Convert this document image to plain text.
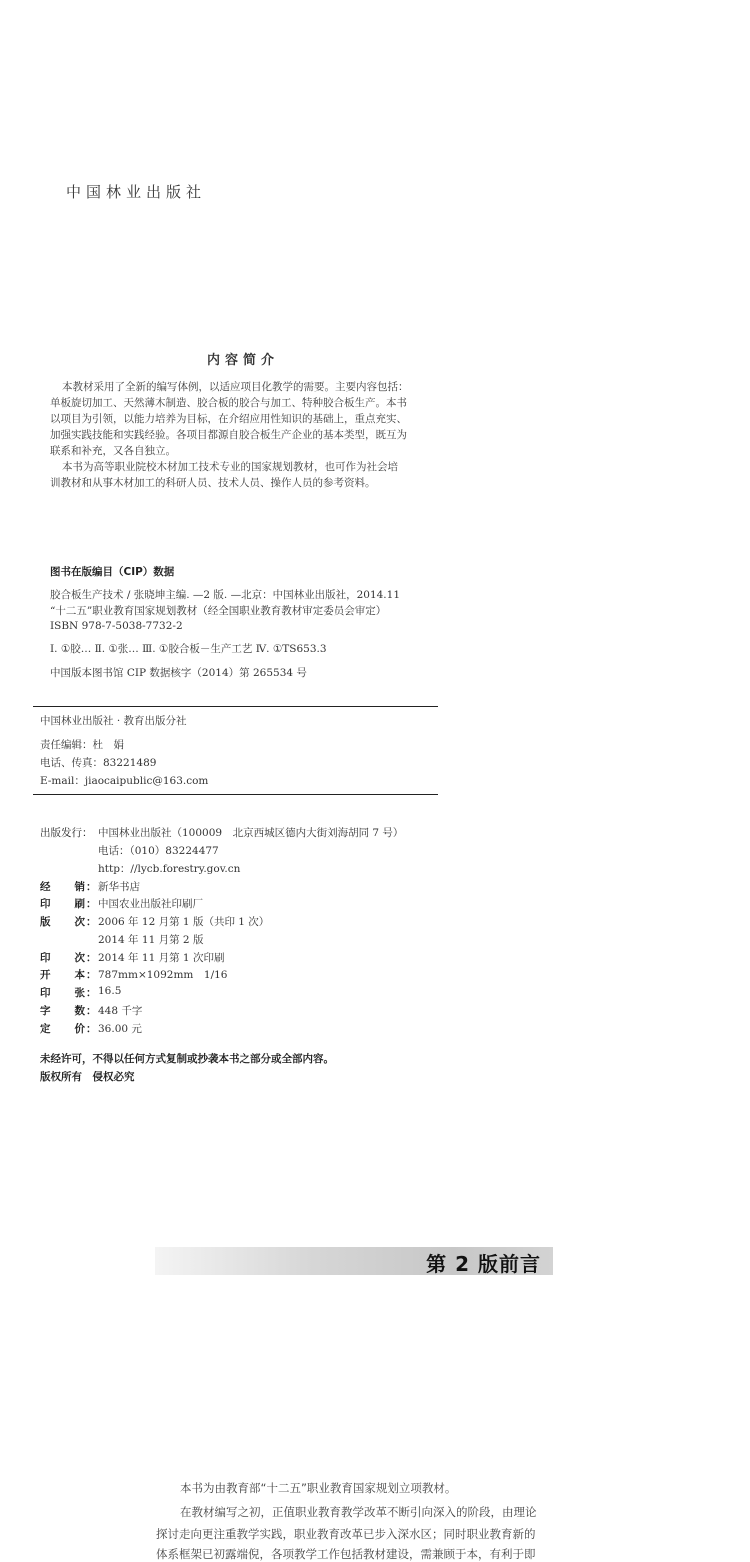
中国林业出版社
内容简介
本教材采用了全新的编写体例，以适应项目化教学的需要。主要内容包括：
单板旋切加工、天然薄木制造、胶合板的胶合与加工、特种胶合板生产。本书
以项目为引领，以能力培养为目标，在介绍应用性知识的基础上，重点充实、
加强实践技能和实践经验。各项目都源自胶合板生产企业的基本类型，既互为
联系和补充，又各自独立。
本书为高等职业院校木材加工技术专业的国家规划教材，也可作为社会培
训教材和从事木材加工的科研人员、技术人员、操作人员的参考资料。
图书在版编目（CIP）数据
胶合板生产技术 / 张晓坤主编. —2 版. —北京：中国林业出版社，2014.11
“十二五”职业教育国家规划教材（经全国职业教育教材审定委员会审定）
ISBN 978-7-5038-7732-2
Ⅰ. ①胶… Ⅱ. ①张… Ⅲ. ①胶合板－生产工艺 Ⅳ. ①TS653.3
中国版本图书馆 CIP 数据核字（2014）第 265534 号
中国林业出版社 · 教育出版分社
责任编辑：杜　娟
电话、传真：83221489
E-mail：jiaocaipublic@163.com
出版发行： 中国林业出版社（100009　北京西城区德内大街刘海胡同 7 号）
电话：（010）83224477
http：//lycb.forestry.gov.cn
经　　销： 新华书店
印　　刷： 中国农业出版社印刷厂
版　　次： 2006 年 12 月第 1 版（共印 1 次）
2014 年 11 月第 2 版
印　　次： 2014 年 11 月第 1 次印刷
开　　本： 787mm×1092mm　1/16
印　　张： 16.5
字　　数： 448 千字
定　　价： 36.00 元
未经许可，不得以任何方式复制或抄袭本书之部分或全部内容。
版权所有　侵权必究
第 2 版前言
本书为由教育部“十二五”职业教育国家规划立项教材。
在教材编写之初，正值职业教育教学改革不断引向深入的阶段，由理论
探讨走向更注重教学实践，职业教育改革已步入深水区；同时职业教育新的
体系框架已初露端倪，各项教学工作包括教材建设，需兼顾于本，有利于即
